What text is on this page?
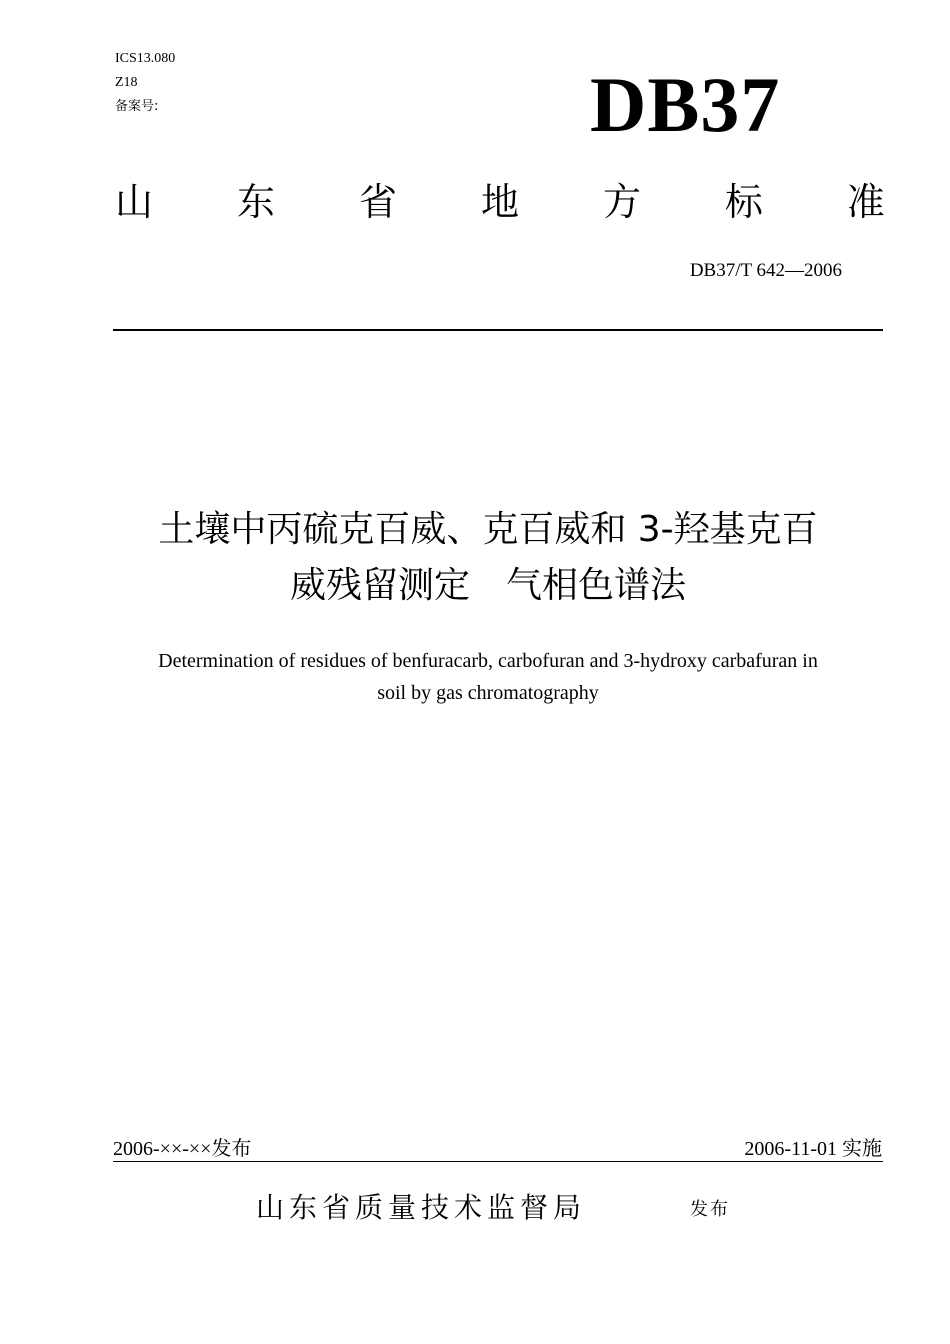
ICS13.080
Z18
备案号:	DB37
山 东 省 地 方 标 准
DB37/T 642—2006
土壤中丙硫克百威、克百威和 3-羟基克百
威残留测定　气相色谱法
Determination of residues of benfuracarb, carbofuran and 3-hydroxy carbafuran in
soil by gas chromatography
2006-××-××发布	2006-11-01 实施
山东省质量技术监督局	发布
